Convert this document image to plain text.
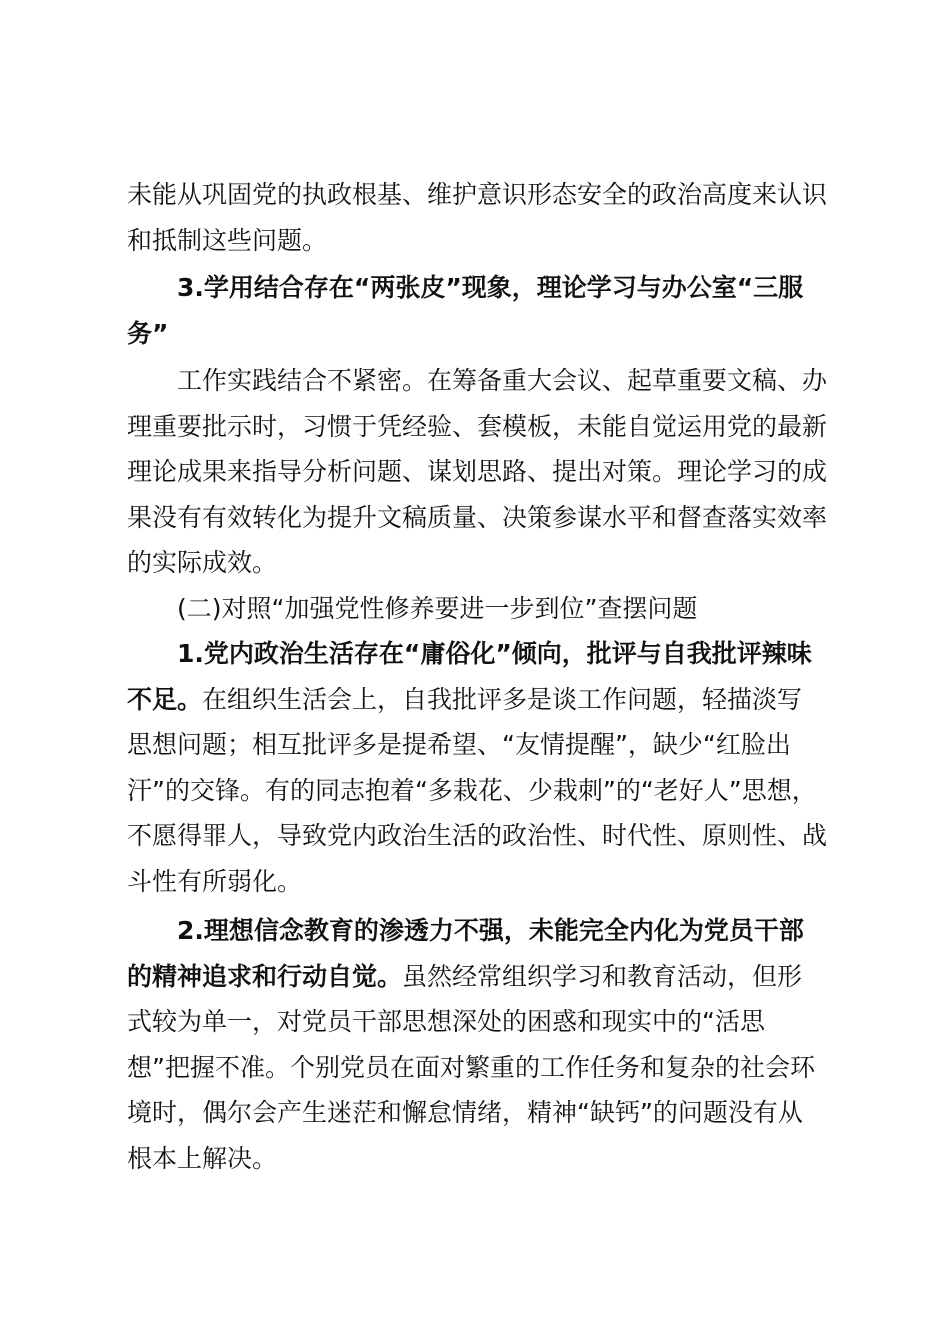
未能从巩固党的执政根基、维护意识形态安全的政治高度来认识和抵制这些问题。

3.学用结合存在“两张皮”现象，理论学习与办公室“三服务”

工作实践结合不紧密。在筹备重大会议、起草重要文稿、办理重要批示时，习惯于凭经验、套模板，未能自觉运用党的最新理论成果来指导分析问题、谋划思路、提出对策。理论学习的成果没有有效转化为提升文稿质量、决策参谋水平和督查落实效率的实际成效。

(二)对照“加强党性修养要进一步到位”查摆问题

1.党内政治生活存在“庸俗化”倾向，批评与自我批评辣味不足。在组织生活会上，自我批评多是谈工作问题，轻描淡写思想问题；相互批评多是提希望、“友情提醒”，缺少“红脸出汗”的交锋。有的同志抱着“多栽花、少栽刺”的“老好人”思想，不愿得罪人，导致党内政治生活的政治性、时代性、原则性、战斗性有所弱化。

2.理想信念教育的渗透力不强，未能完全内化为党员干部的精神追求和行动自觉。虽然经常组织学习和教育活动，但形式较为单一，对党员干部思想深处的困惑和现实中的“活思想”把握不准。个别党员在面对繁重的工作任务和复杂的社会环境时，偶尔会产生迷茫和懈怠情绪，精神“缺钙”的问题没有从根本上解决。
